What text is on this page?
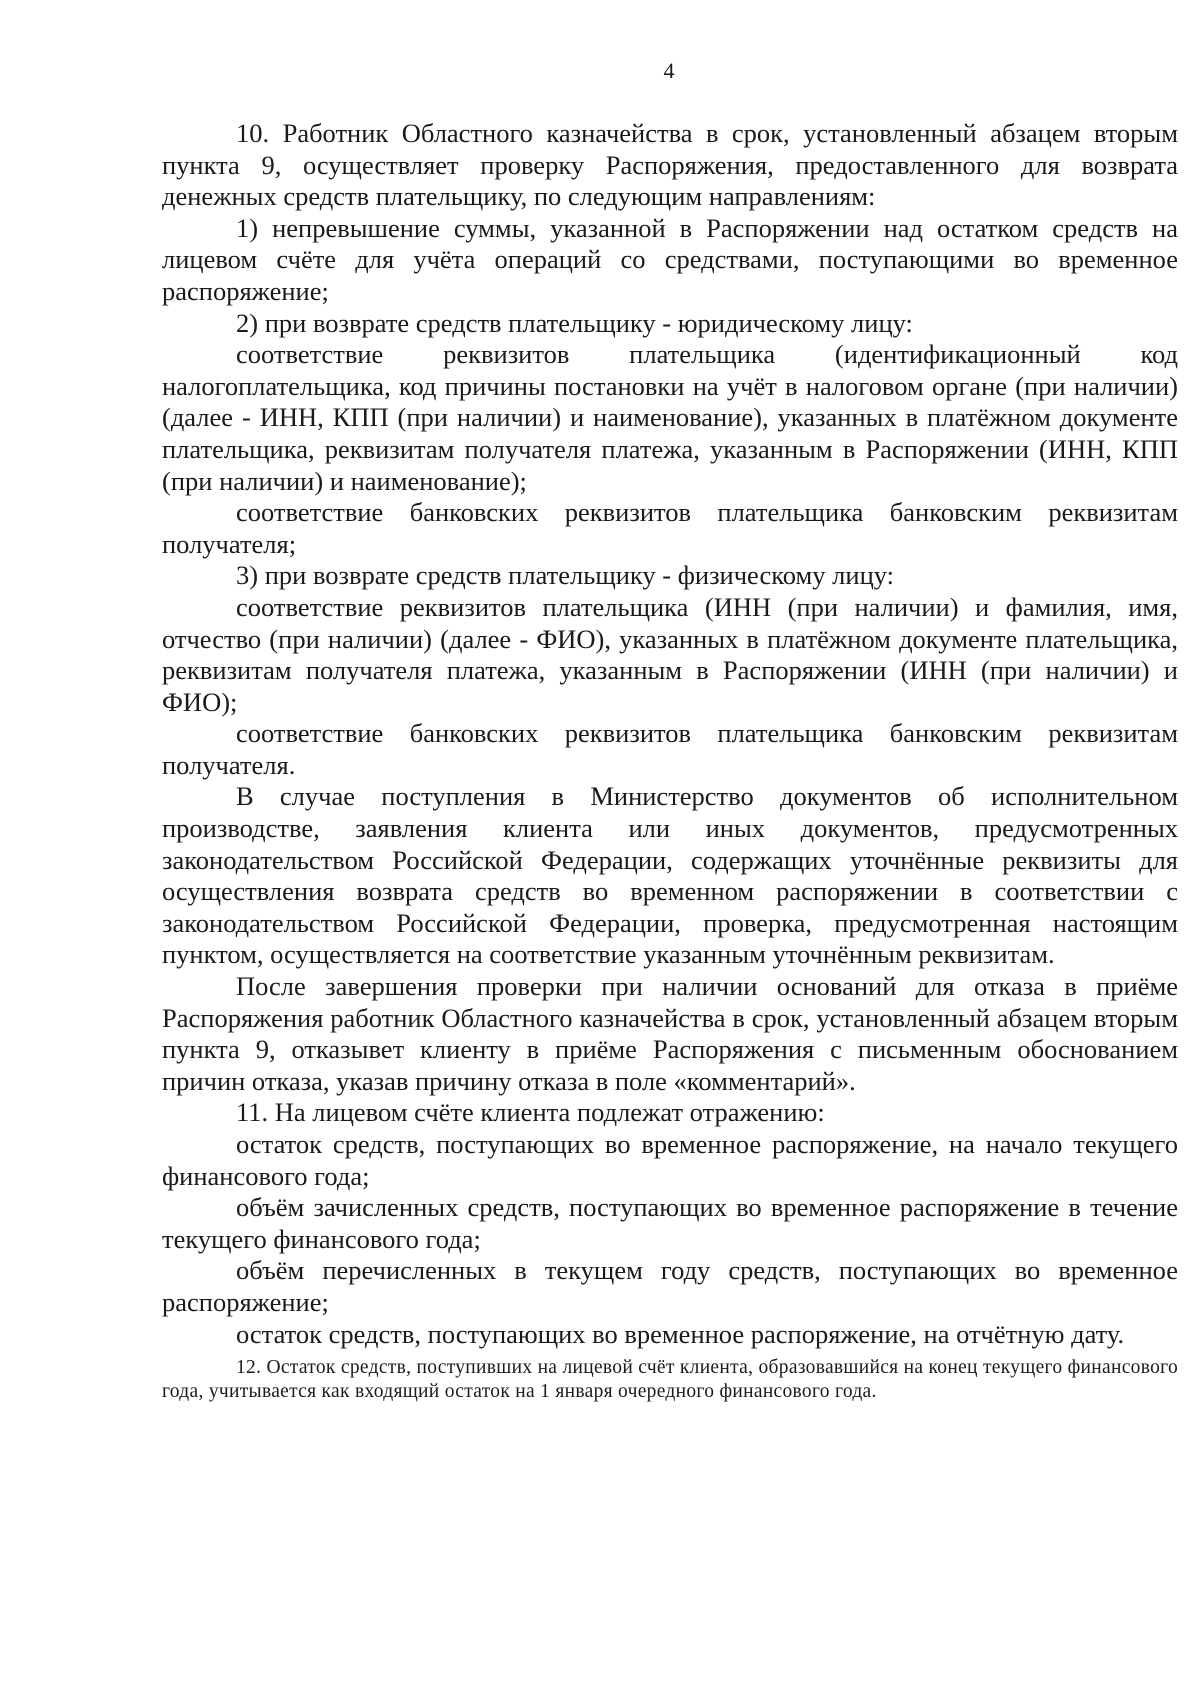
4

10. Работник Областного казначейства в срок, установленный абзацем вторым пункта 9, осуществляет проверку Распоряжения, предоставленного для возврата денежных средств плательщику, по следующим направлениям:

1) непревышение суммы, указанной в Распоряжении над остатком средств на лицевом счёте для учёта операций со средствами, поступающими во временное распоряжение;

2) при возврате средств плательщику - юридическому лицу:

соответствие реквизитов плательщика (идентификационный код налогоплательщика, код причины постановки на учёт в налоговом органе (при наличии) (далее - ИНН, КПП (при наличии) и наименование), указанных в платёжном документе плательщика, реквизитам получателя платежа, указанным в Распоряжении (ИНН, КПП (при наличии) и наименование);

соответствие банковских реквизитов плательщика банковским реквизитам получателя;

3) при возврате средств плательщику - физическому лицу:

соответствие реквизитов плательщика (ИНН (при наличии) и фамилия, имя, отчество (при наличии) (далее - ФИО), указанных в платёжном документе плательщика, реквизитам получателя платежа, указанным в Распоряжении (ИНН (при наличии) и ФИО);

соответствие банковских реквизитов плательщика банковским реквизитам получателя.

В случае поступления в Министерство документов об исполнительном производстве, заявления клиента или иных документов, предусмотренных законодательством Российской Федерации, содержащих уточнённые реквизиты для осуществления возврата средств во временном распоряжении в соответствии с законодательством Российской Федерации, проверка, предусмотренная настоящим пунктом, осуществляется на соответствие указанным уточнённым реквизитам.

После завершения проверки при наличии оснований для отказа в приёме Распоряжения работник Областного казначейства в срок, установленный абзацем вторым пункта 9, отказывет клиенту в приёме Распоряжения с письменным обоснованием причин отказа, указав причину отказа в поле «комментарий».

11. На лицевом счёте клиента подлежат отражению:

остаток средств, поступающих во временное распоряжение, на начало текущего финансового года;

объём зачисленных средств, поступающих во временное распоряжение в течение текущего финансового года;

объём перечисленных в текущем году средств, поступающих во временное распоряжение;

остаток средств, поступающих во временное распоряжение, на отчётную дату.

12. Остаток средств, поступивших на лицевой счёт клиента, образовавшийся на конец текущего финансового года, учитывается как входящий остаток на 1 января очередного финансового года.
